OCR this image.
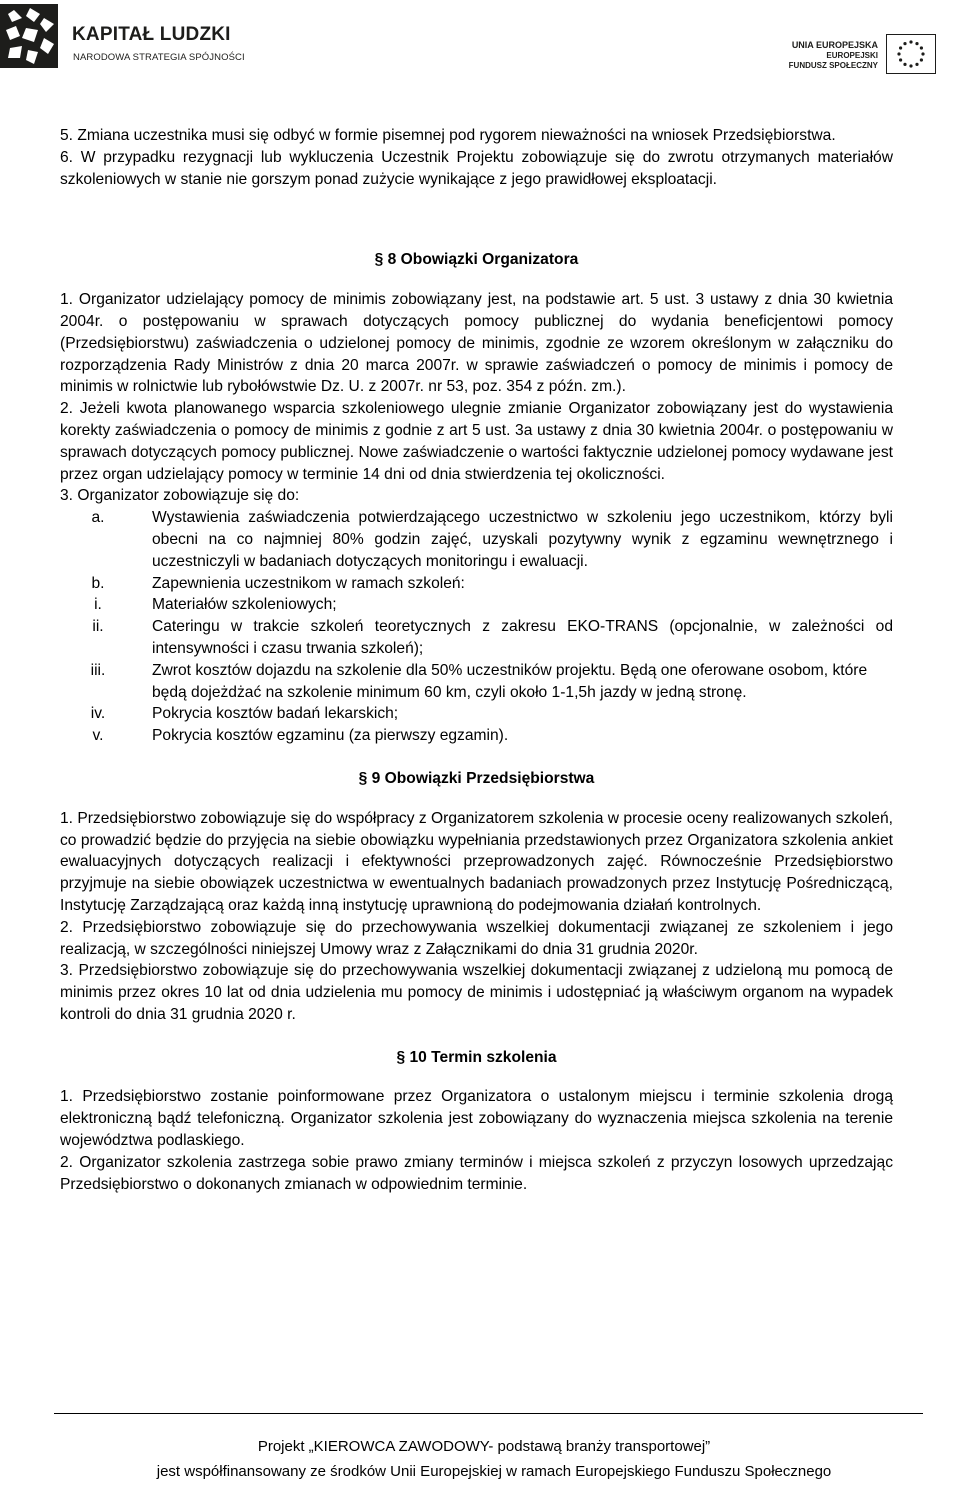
KAPITAŁ LUDZKI
NARODOWA STRATEGIA SPÓJNOŚCI
UNIA EUROPEJSKA
EUROPEJSKI
FUNDUSZ SPOŁECZNY

5. Zmiana uczestnika musi się odbyć w formie pisemnej pod rygorem nieważności na wniosek Przedsiębiorstwa.

6. W przypadku rezygnacji lub wykluczenia Uczestnik Projektu zobowiązuje się do zwrotu otrzymanych materiałów szkoleniowych w stanie nie gorszym ponad zużycie wynikające z jego prawidłowej eksploatacji.

§ 8 Obowiązki Organizatora

1. Organizator udzielający pomocy de minimis zobowiązany jest, na podstawie art. 5 ust. 3 ustawy z dnia 30 kwietnia 2004r. o postępowaniu w sprawach dotyczących pomocy publicznej do wydania beneficjentowi pomocy (Przedsiębiorstwu) zaświadczenia o udzielonej pomocy de minimis, zgodnie ze wzorem określonym w załączniku do rozporządzenia Rady Ministrów z dnia 20 marca 2007r. w sprawie zaświadczeń o pomocy de minimis i pomocy de minimis w rolnictwie lub rybołówstwie Dz. U. z 2007r. nr 53, poz. 354 z późn. zm.).

2. Jeżeli kwota planowanego wsparcia szkoleniowego ulegnie zmianie Organizator zobowiązany jest do wystawienia korekty zaświadczenia o pomocy de minimis z godnie z art 5 ust. 3a ustawy z dnia 30 kwietnia 2004r. o postępowaniu w sprawach dotyczących pomocy publicznej. Nowe zaświadczenie o wartości faktycznie udzielonej pomocy wydawane jest przez organ udzielający pomocy w terminie 14 dni od dnia stwierdzenia tej okoliczności.

3. Organizator zobowiązuje się do:

a.	Wystawienia zaświadczenia potwierdzającego uczestnictwo w szkoleniu jego uczestnikom, którzy byli obecni na co najmniej 80% godzin zajęć, uzyskali pozytywny wynik z egzaminu wewnętrznego i uczestniczyli w badaniach dotyczących monitoringu i ewaluacji.
b.	Zapewnienia uczestnikom w ramach szkoleń:
i.	Materiałów szkoleniowych;
ii.	Cateringu w trakcie szkoleń teoretycznych z zakresu EKO-TRANS (opcjonalnie, w zależności od intensywności i czasu trwania szkoleń);
iii.	Zwrot kosztów dojazdu na szkolenie dla 50% uczestników projektu. Będą one oferowane osobom, które będą dojeżdżać na szkolenie minimum 60 km, czyli około 1-1,5h jazdy w jedną stronę.
iv.	Pokrycia kosztów badań lekarskich;
v.	Pokrycia kosztów egzaminu (za pierwszy egzamin).

§ 9 Obowiązki Przedsiębiorstwa

1. Przedsiębiorstwo zobowiązuje się do współpracy z Organizatorem szkolenia w procesie oceny realizowanych szkoleń, co prowadzić będzie do przyjęcia na siebie obowiązku wypełniania przedstawionych przez Organizatora szkolenia ankiet ewaluacyjnych dotyczących realizacji i efektywności przeprowadzonych zajęć. Równocześnie Przedsiębiorstwo przyjmuje na siebie obowiązek uczestnictwa w ewentualnych badaniach prowadzonych przez Instytucję Pośredniczącą, Instytucję Zarządzającą oraz każdą inną instytucję uprawnioną do podejmowania działań kontrolnych.

2. Przedsiębiorstwo zobowiązuje się do przechowywania wszelkiej dokumentacji związanej ze szkoleniem i jego realizacją, w szczególności niniejszej Umowy wraz z Załącznikami do dnia 31 grudnia 2020r.

3. Przedsiębiorstwo zobowiązuje się do przechowywania wszelkiej dokumentacji związanej z udzieloną mu pomocą de minimis przez okres 10 lat od dnia udzielenia mu pomocy de minimis i udostępniać ją właściwym organom na wypadek kontroli do dnia 31 grudnia 2020 r.

§ 10 Termin szkolenia

1. Przedsiębiorstwo zostanie poinformowane przez Organizatora o ustalonym miejscu i terminie szkolenia drogą elektroniczną bądź telefoniczną. Organizator szkolenia jest zobowiązany do wyznaczenia miejsca szkolenia na terenie województwa podlaskiego.

2. Organizator szkolenia zastrzega sobie prawo zmiany terminów i miejsca szkoleń z przyczyn losowych uprzedzając Przedsiębiorstwo o dokonanych zmianach w odpowiednim terminie.

Projekt „KIEROWCA ZAWODOWY- podstawą branży transportowej”
jest współfinansowany ze środków Unii Europejskiej w ramach Europejskiego Funduszu Społecznego
